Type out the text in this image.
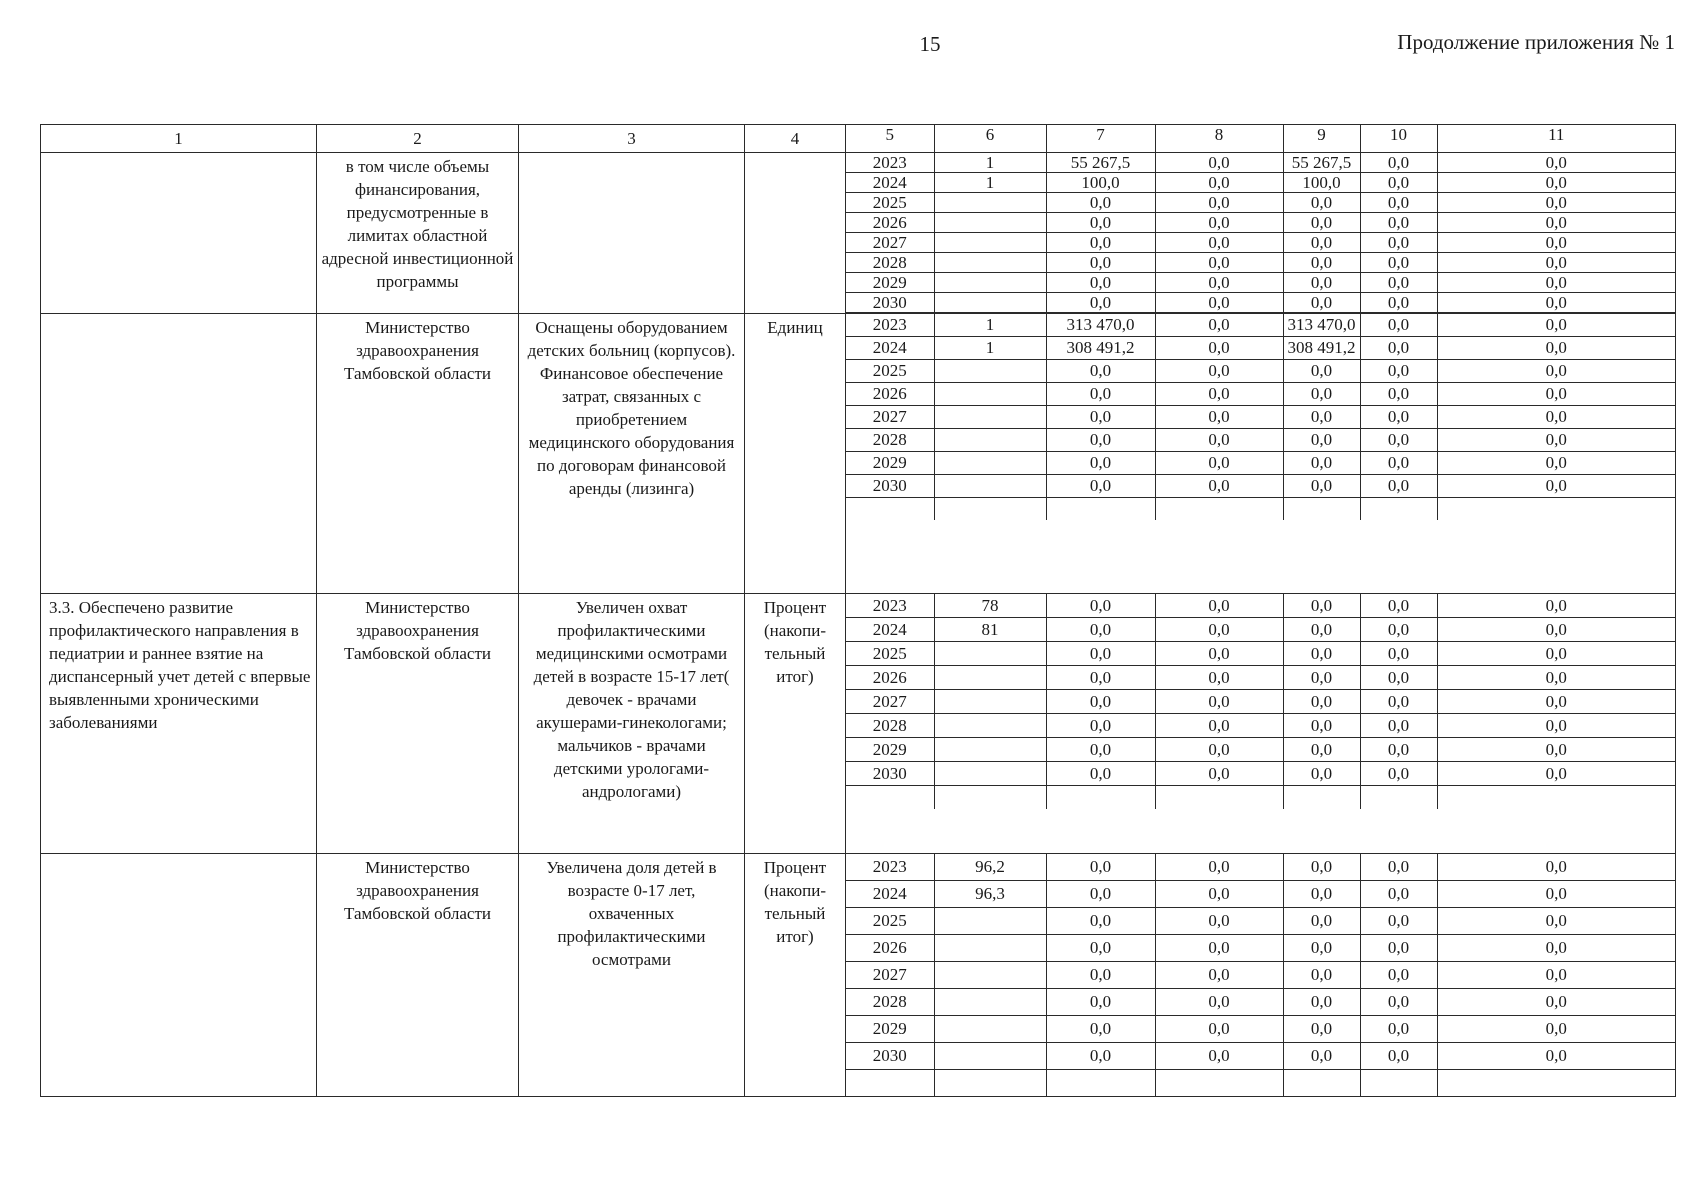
15	Продолжение приложения № 1
1	2	3	4		5	6	7	8	9	10	11

в том числе объемы финансирования, предусмотренные в лимитах областной адресной инвестиционной программы

2023	1	55 267,5	0,0	55 267,5	0,0	0,0
2024	1	100,0	0,0	100,0	0,0	0,0
2025		0,0	0,0	0,0	0,0	0,0
2026		0,0	0,0	0,0	0,0	0,0
2027		0,0	0,0	0,0	0,0	0,0
2028		0,0	0,0	0,0	0,0	0,0
2029		0,0	0,0	0,0	0,0	0,0
2030		0,0	0,0	0,0	0,0	0,0

Министерство здравоохранения Тамбовской области

Оснащены оборудованием детских больниц (корпусов). Финансовое обеспечение затрат, связанных с приобретением медицинского оборудования по договорам финансовой аренды (лизинга)

Единиц
		2023	1	313 470,0	0,0	313 470,0	0,0	0,0
2024	1	308 491,2	0,0	308 491,2	0,0	0,0
2025		0,0	0,0	0,0	0,0	0,0
2026		0,0	0,0	0,0	0,0	0,0
2027		0,0	0,0	0,0	0,0	0,0
2028		0,0	0,0	0,0	0,0	0,0
2029		0,0	0,0	0,0	0,0	0,0
2030		0,0	0,0	0,0	0,0	0,0

3.3. Обеспечено развитие профилактического направления в педиатрии и раннее взятие на диспансерный учет детей с впервые выявленными хроническими заболеваниями

Министерство здравоохранения Тамбовской области

Увеличен охват профилактическими медицинскими осмотрами детей в возрасте 15-17 лет( девочек - врачами акушерами-гинекологами; мальчиков - врачами детскими урологами-андрологами)

Процент (накопи-тельный итог)

2023	78	0,0	0,0	0,0	0,0	0,0
2024	81	0,0	0,0	0,0	0,0	0,0
2025		0,0	0,0	0,0	0,0	0,0
2026		0,0	0,0	0,0	0,0	0,0
2027		0,0	0,0	0,0	0,0	0,0
2028		0,0	0,0	0,0	0,0	0,0
2029		0,0	0,0	0,0	0,0	0,0
2030		0,0	0,0	0,0	0,0	0,0

Министерство здравоохранения Тамбовской области

Увеличена доля детей в возрасте 0-17 лет, охваченных профилактическими осмотрами

Процент (накопи-тельный итог)

2023	96,2	0,0	0,0	0,0	0,0	0,0
2024	96,3	0,0	0,0	0,0	0,0	0,0
2025		0,0	0,0	0,0	0,0	0,0
2026		0,0	0,0	0,0	0,0	0,0
2027		0,0	0,0	0,0	0,0	0,0
2028		0,0	0,0	0,0	0,0	0,0
2029		0,0	0,0	0,0	0,0	0,0
2030		0,0	0,0	0,0	0,0	0,0
